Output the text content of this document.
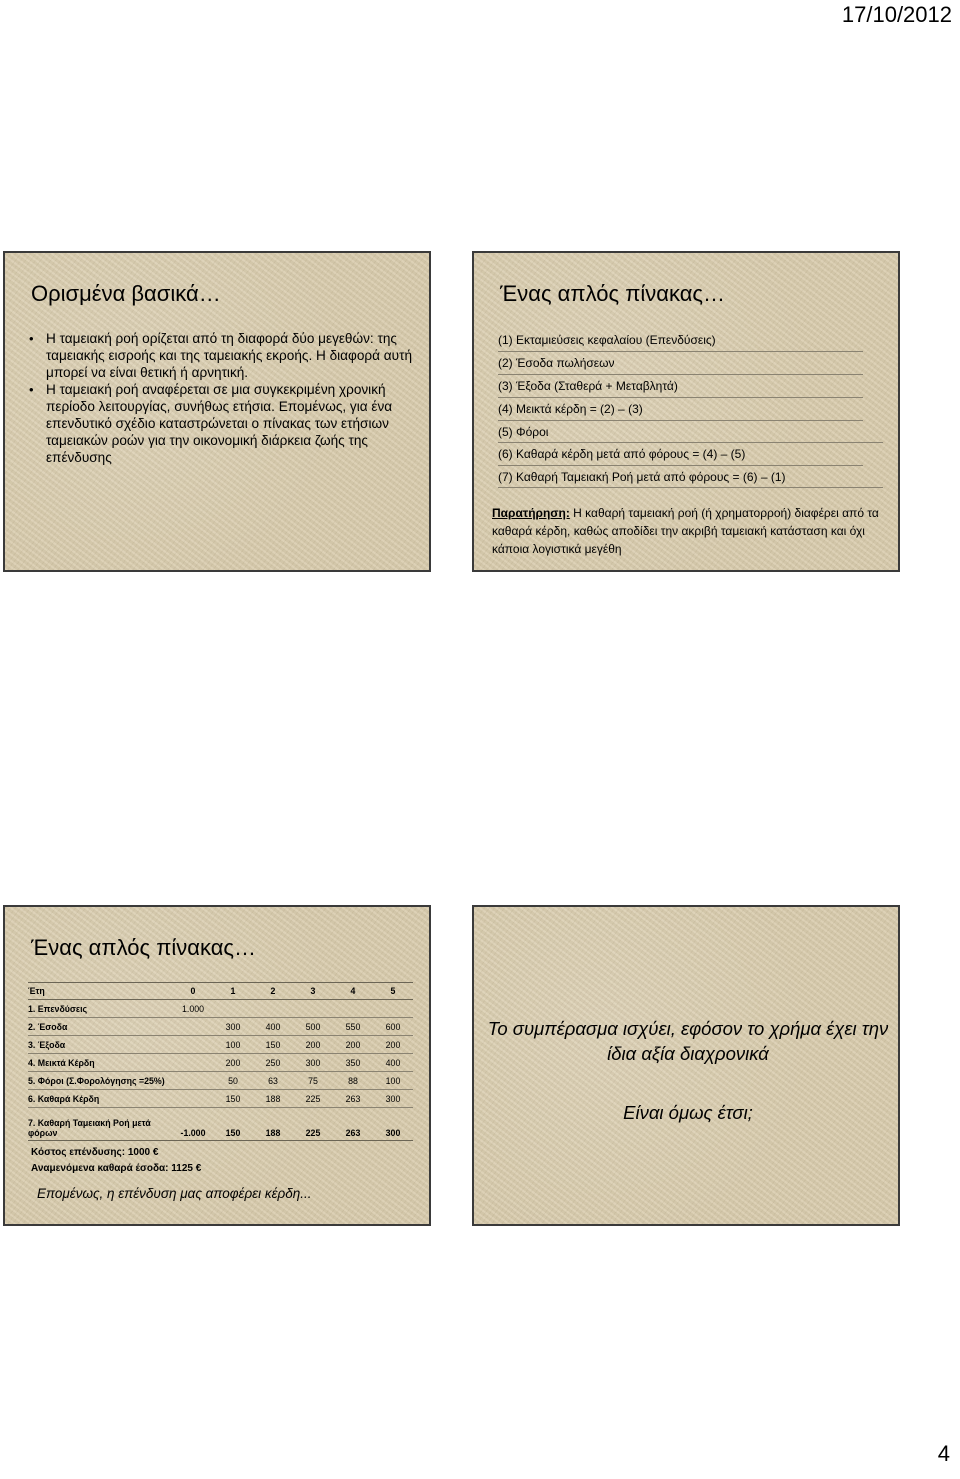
17/10/2012
Ορισμένα βασικά…
• Η ταμειακή ροή ορίζεται από τη διαφορά δύο μεγεθών: της ταμειακής εισροής και της ταμειακής εκροής. Η διαφορά αυτή μπορεί να είναι θετική ή αρνητική.
• Η ταμειακή ροή αναφέρεται σε μια συγκεκριμένη χρονική περίοδο λειτουργίας, συνήθως ετήσια. Επομένως, για ένα επενδυτικό σχέδιο καταστρώνεται ο πίνακας των ετήσιων ταμειακών ροών για την οικονομική διάρκεια ζωής της επένδυσης
Ένας απλός πίνακας…
(1) Εκταμιεύσεις κεφαλαίου (Επενδύσεις)
(2) Έσοδα πωλήσεων
(3) Έξοδα (Σταθερά + Μεταβλητά)
(4) Μεικτά κέρδη = (2) – (3)
(5) Φόροι
(6) Καθαρά κέρδη μετά από φόρους = (4) – (5)
(7) Καθαρή Ταμειακή Ροή μετά από φόρους = (6) – (1)
Παρατήρηση: Η καθαρή ταμειακή ροή (ή χρηματορροή) διαφέρει από τα καθαρά κέρδη, καθώς αποδίδει την ακριβή ταμειακή κατάσταση και όχι κάποια λογιστικά μεγέθη
Ένας απλός πίνακας…
Έτη	0	1	2	3	4	5
1. Επενδύσεις	1.000					
2. Έσοδα		300	400	500	550	600
3. Έξοδα		100	150	200	200	200
4. Μεικτά Κέρδη		200	250	300	350	400
5. Φόροι (Σ.Φορολόγησης =25%)		50	63	75	88	100
6. Καθαρά Κέρδη		150	188	225	263	300
7. Καθαρή Ταμειακή Ροή μετά φόρων	-1.000	150	188	225	263	300
Κόστος επένδυσης: 1000 €
Αναμενόμενα καθαρά έσοδα: 1125 €
Επομένως, η επένδυση μας αποφέρει κέρδη...
Το συμπέρασμα ισχύει, εφόσον το χρήμα έχει την ίδια αξία διαχρονικά
Είναι όμως έτσι;
4
